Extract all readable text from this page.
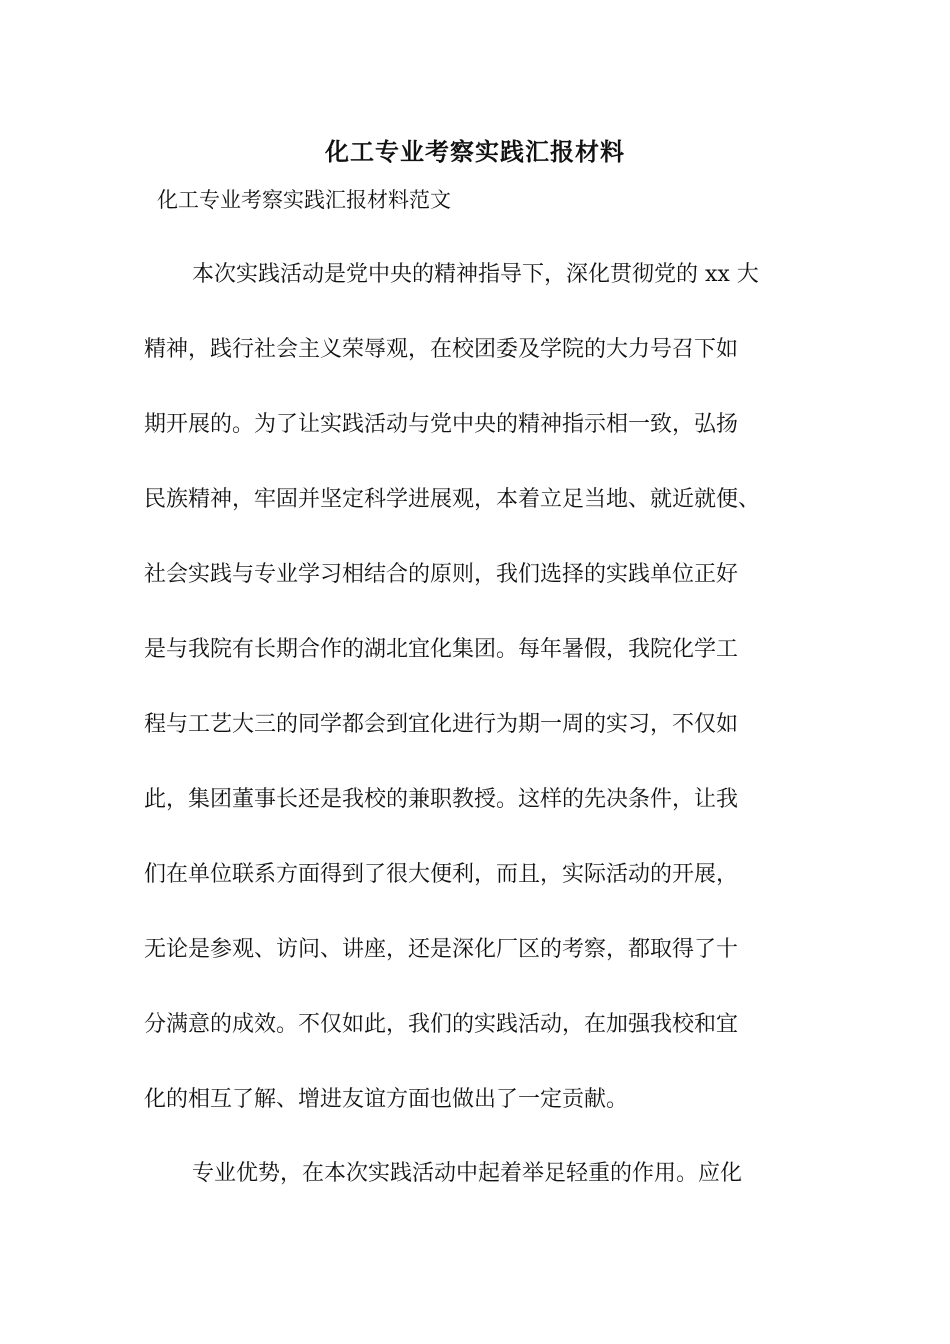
化工专业考察实践汇报材料

化工专业考察实践汇报材料范文

本次实践活动是党中央的精神指导下，深化贯彻党的 xx 大

精神，践行社会主义荣辱观，在校团委及学院的大力号召下如

期开展的。为了让实践活动与党中央的精神指示相一致，弘扬

民族精神，牢固并坚定科学进展观，本着立足当地、就近就便、

社会实践与专业学习相结合的原则，我们选择的实践单位正好

是与我院有长期合作的湖北宜化集团。每年暑假，我院化学工

程与工艺大三的同学都会到宜化进行为期一周的实习，不仅如

此，集团董事长还是我校的兼职教授。这样的先决条件，让我

们在单位联系方面得到了很大便利，而且，实际活动的开展，

无论是参观、访问、讲座，还是深化厂区的考察，都取得了十

分满意的成效。不仅如此，我们的实践活动，在加强我校和宜

化的相互了解、增进友谊方面也做出了一定贡献。

专业优势，在本次实践活动中起着举足轻重的作用。应化
